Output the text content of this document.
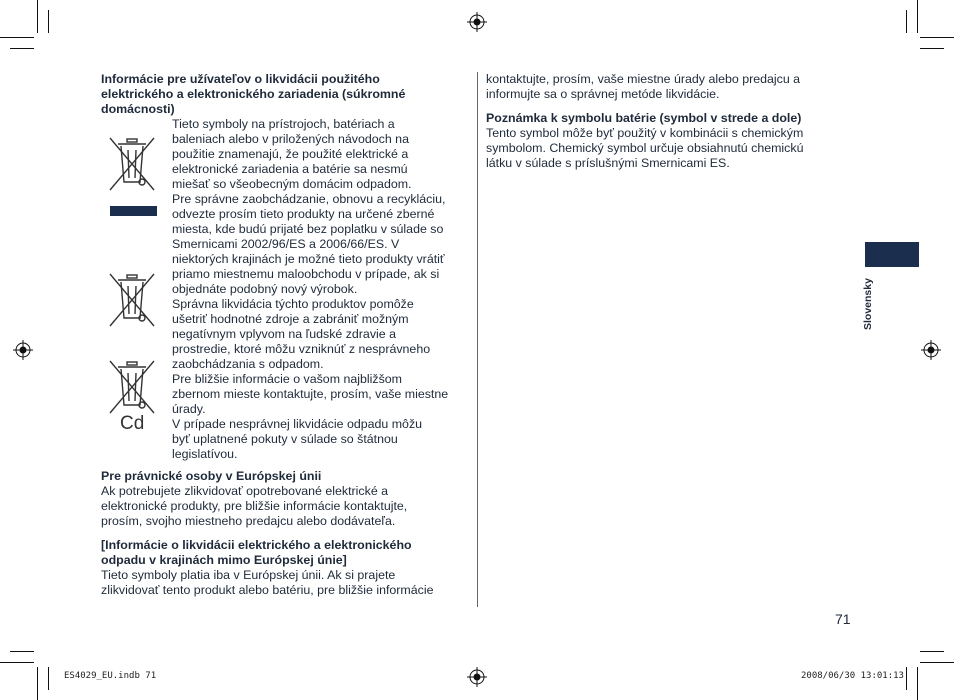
Cd

Informácie pre užívateľov o likvidácii použitého

elektrického a elektronického zariadenia (súkromné

domácnosti)

Tieto symboly na prístrojoch, batériach a

baleniach alebo v priložených návodoch na

použitie znamenajú, že použité elektrické a

elektronické zariadenia a batérie sa nesmú

miešať so všeobecným domácim odpadom.

Pre správne zaobchádzanie, obnovu a recykláciu,

odvezte prosím tieto produkty na určené zberné

miesta, kde budú prijaté bez poplatku v súlade so

Smernicami 2002/96/ES a 2006/66/ES. V

niektorých krajinách je možné tieto produkty vrátiť

priamo miestnemu maloobchodu v prípade, ak si

objednáte podobný nový výrobok.

Správna likvidácia týchto produktov pomôže

ušetriť hodnotné zdroje a zabrániť možným

negatívnym vplyvom na ľudské zdravie a

prostredie, ktoré môžu vzniknúť z nesprávneho

zaobchádzania s odpadom.

Pre bližšie informácie o vašom najbližšom

zbernom mieste kontaktujte, prosím, vaše miestne

úrady.

V prípade nesprávnej likvidácie odpadu môžu

byť uplatnené pokuty v súlade so štátnou

legislatívou.

Pre právnické osoby v Európskej únii

Ak potrebujete zlikvidovať opotrebované elektrické a

elektronické produkty, pre bližšie informácie kontaktujte,

prosím, svojho miestneho predajcu alebo dodávateľa.

[Informácie o likvidácii elektrického a elektronického

odpadu v krajinách mimo Európskej únie]

Tieto symboly platia iba v Európskej únii. Ak si prajete

zlikvidovať tento produkt alebo batériu, pre bližšie informácie

kontaktujte, prosím, vaše miestne úrady alebo predajcu a

informujte sa o správnej metóde likvidácie.

Poznámka k symbolu batérie (symbol v strede a dole)

Tento symbol môže byť použitý v kombinácii s chemickým

symbolom. Chemický symbol určuje obsiahnutú chemickú

látku v súlade s príslušnými Smernicami ES.

Slovensky
71
ES4029_EU.indb 71	2008/06/30 13:01:13
